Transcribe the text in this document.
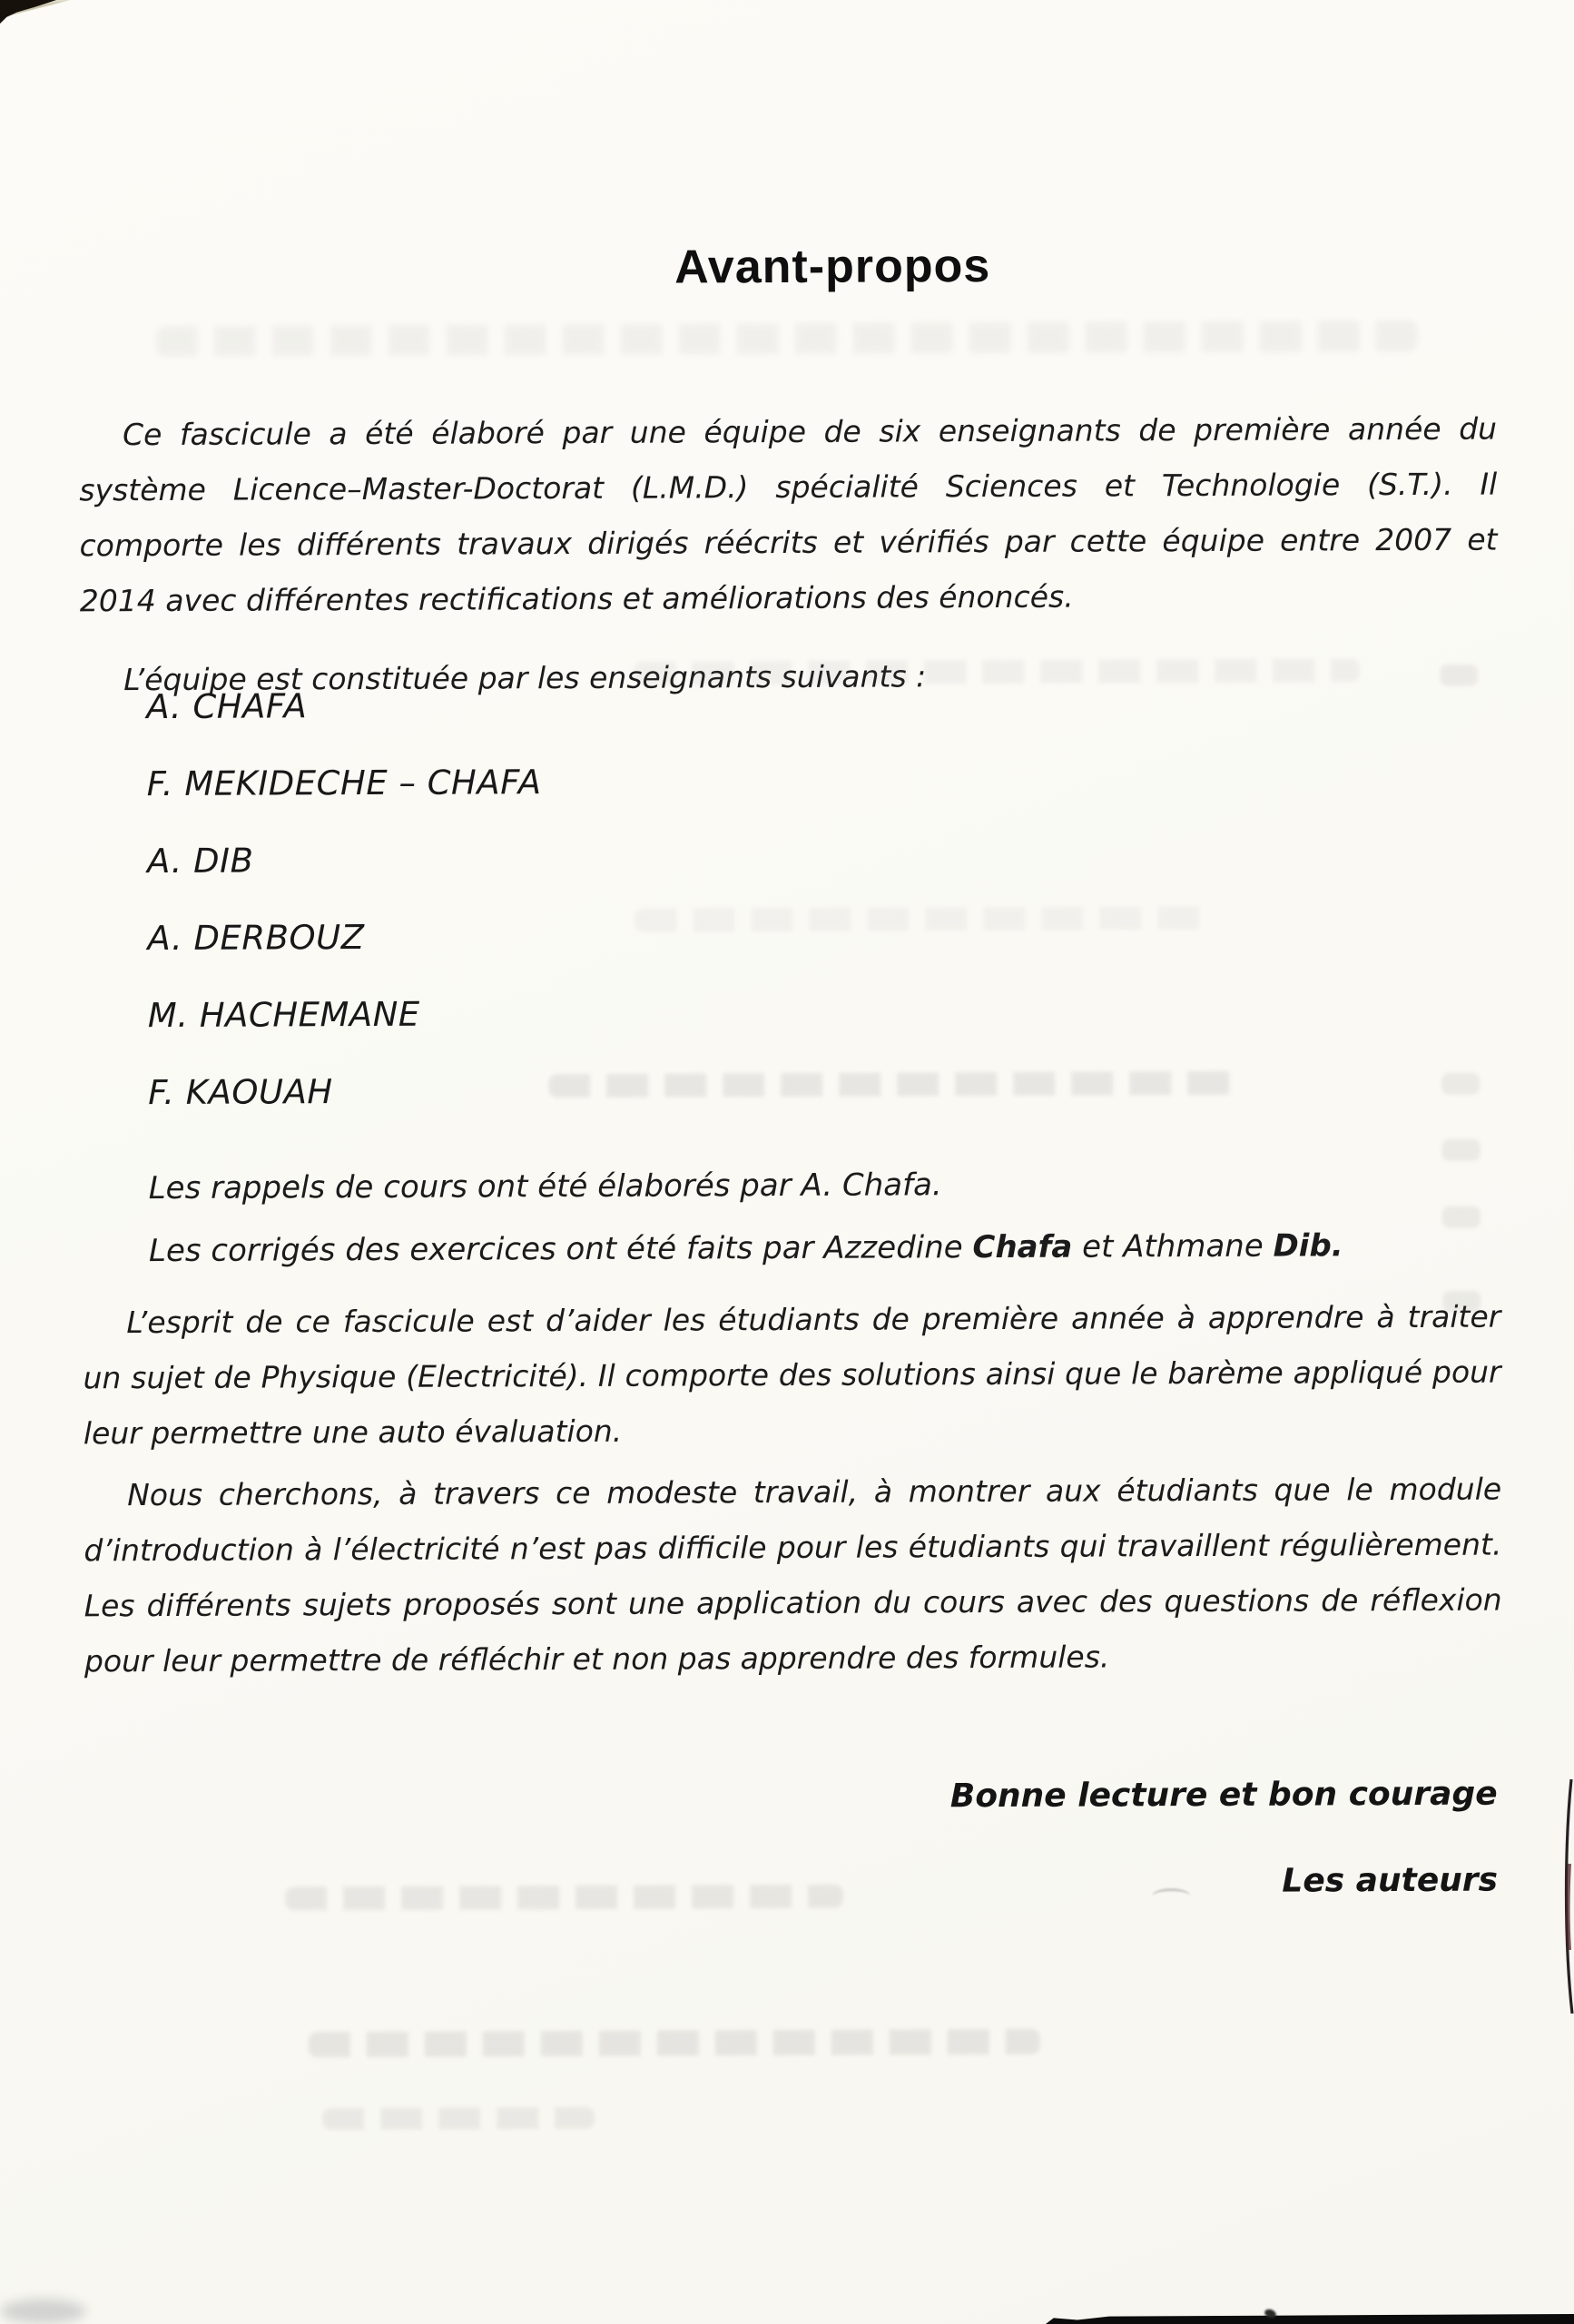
Avant-propos

Ce fascicule a été élaboré par une équipe de six enseignants de première année du système Licence–Master-Doctorat (L.M.D.) spécialité Sciences et Technologie (S.T.). Il comporte les différents travaux dirigés réécrits et vérifiés par cette équipe entre 2007 et 2014 avec différentes rectifications et améliorations des énoncés.

L’équipe est constituée par les enseignants suivants :

A. CHAFA
F. MEKIDECHE – CHAFA
A. DIB
A. DERBOUZ
M. HACHEMANE
F. KAOUAH

Les rappels de cours ont été élaborés par A. Chafa.

Les corrigés des exercices ont été faits par Azzedine Chafa et Athmane Dib.

L’esprit de ce fascicule est d’aider les étudiants de première année à apprendre à traiter un sujet de Physique (Electricité). Il comporte des solutions ainsi que le barème appliqué pour leur permettre une auto évaluation.

Nous cherchons, à travers ce modeste travail, à montrer aux étudiants que le module d’introduction à l’électricité n’est pas difficile pour les étudiants qui travaillent régulièrement. Les différents sujets proposés sont une application du cours avec des questions de réflexion pour leur permettre de réfléchir et non pas apprendre des formules.

Bonne lecture et bon courage

Les auteurs
